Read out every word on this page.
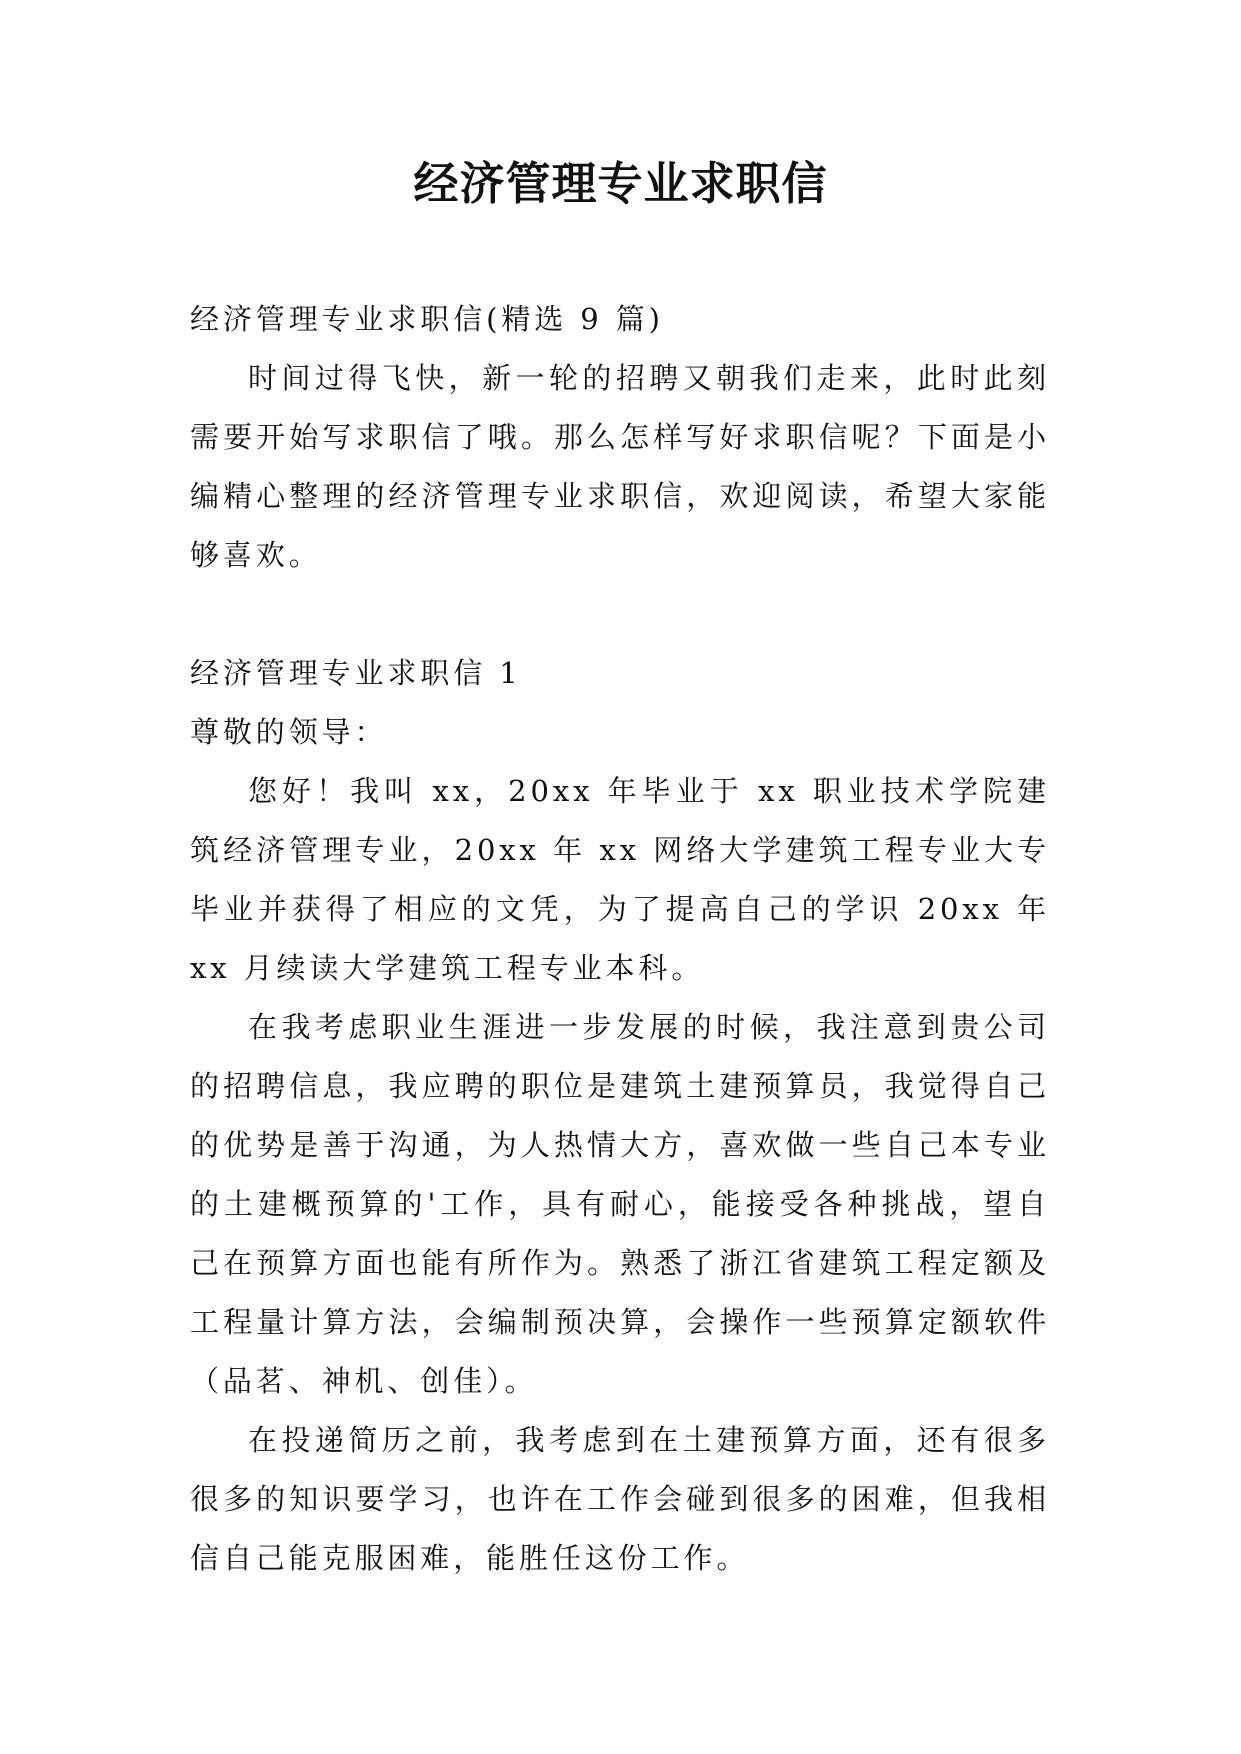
经济管理专业求职信

经济管理专业求职信(精选 9 篇)

时间过得飞快，新一轮的招聘又朝我们走来，此时此刻需要开始写求职信了哦。那么怎样写好求职信呢？下面是小编精心整理的经济管理专业求职信，欢迎阅读，希望大家能够喜欢。

经济管理专业求职信 1

尊敬的领导：

您好！我叫 xx，20xx 年毕业于 xx 职业技术学院建筑经济管理专业，20xx 年 xx 网络大学建筑工程专业大专毕业并获得了相应的文凭，为了提高自己的学识 20xx 年 xx 月续读大学建筑工程专业本科。

在我考虑职业生涯进一步发展的时候，我注意到贵公司的招聘信息，我应聘的职位是建筑土建预算员，我觉得自己的优势是善于沟通，为人热情大方，喜欢做一些自己本专业的土建概预算的'工作，具有耐心，能接受各种挑战，望自己在预算方面也能有所作为。熟悉了浙江省建筑工程定额及工程量计算方法，会编制预决算，会操作一些预算定额软件（品茗、神机、创佳）。

在投递简历之前，我考虑到在土建预算方面，还有很多很多的知识要学习，也许在工作会碰到很多的困难，但我相信自己能克服困难，能胜任这份工作。
